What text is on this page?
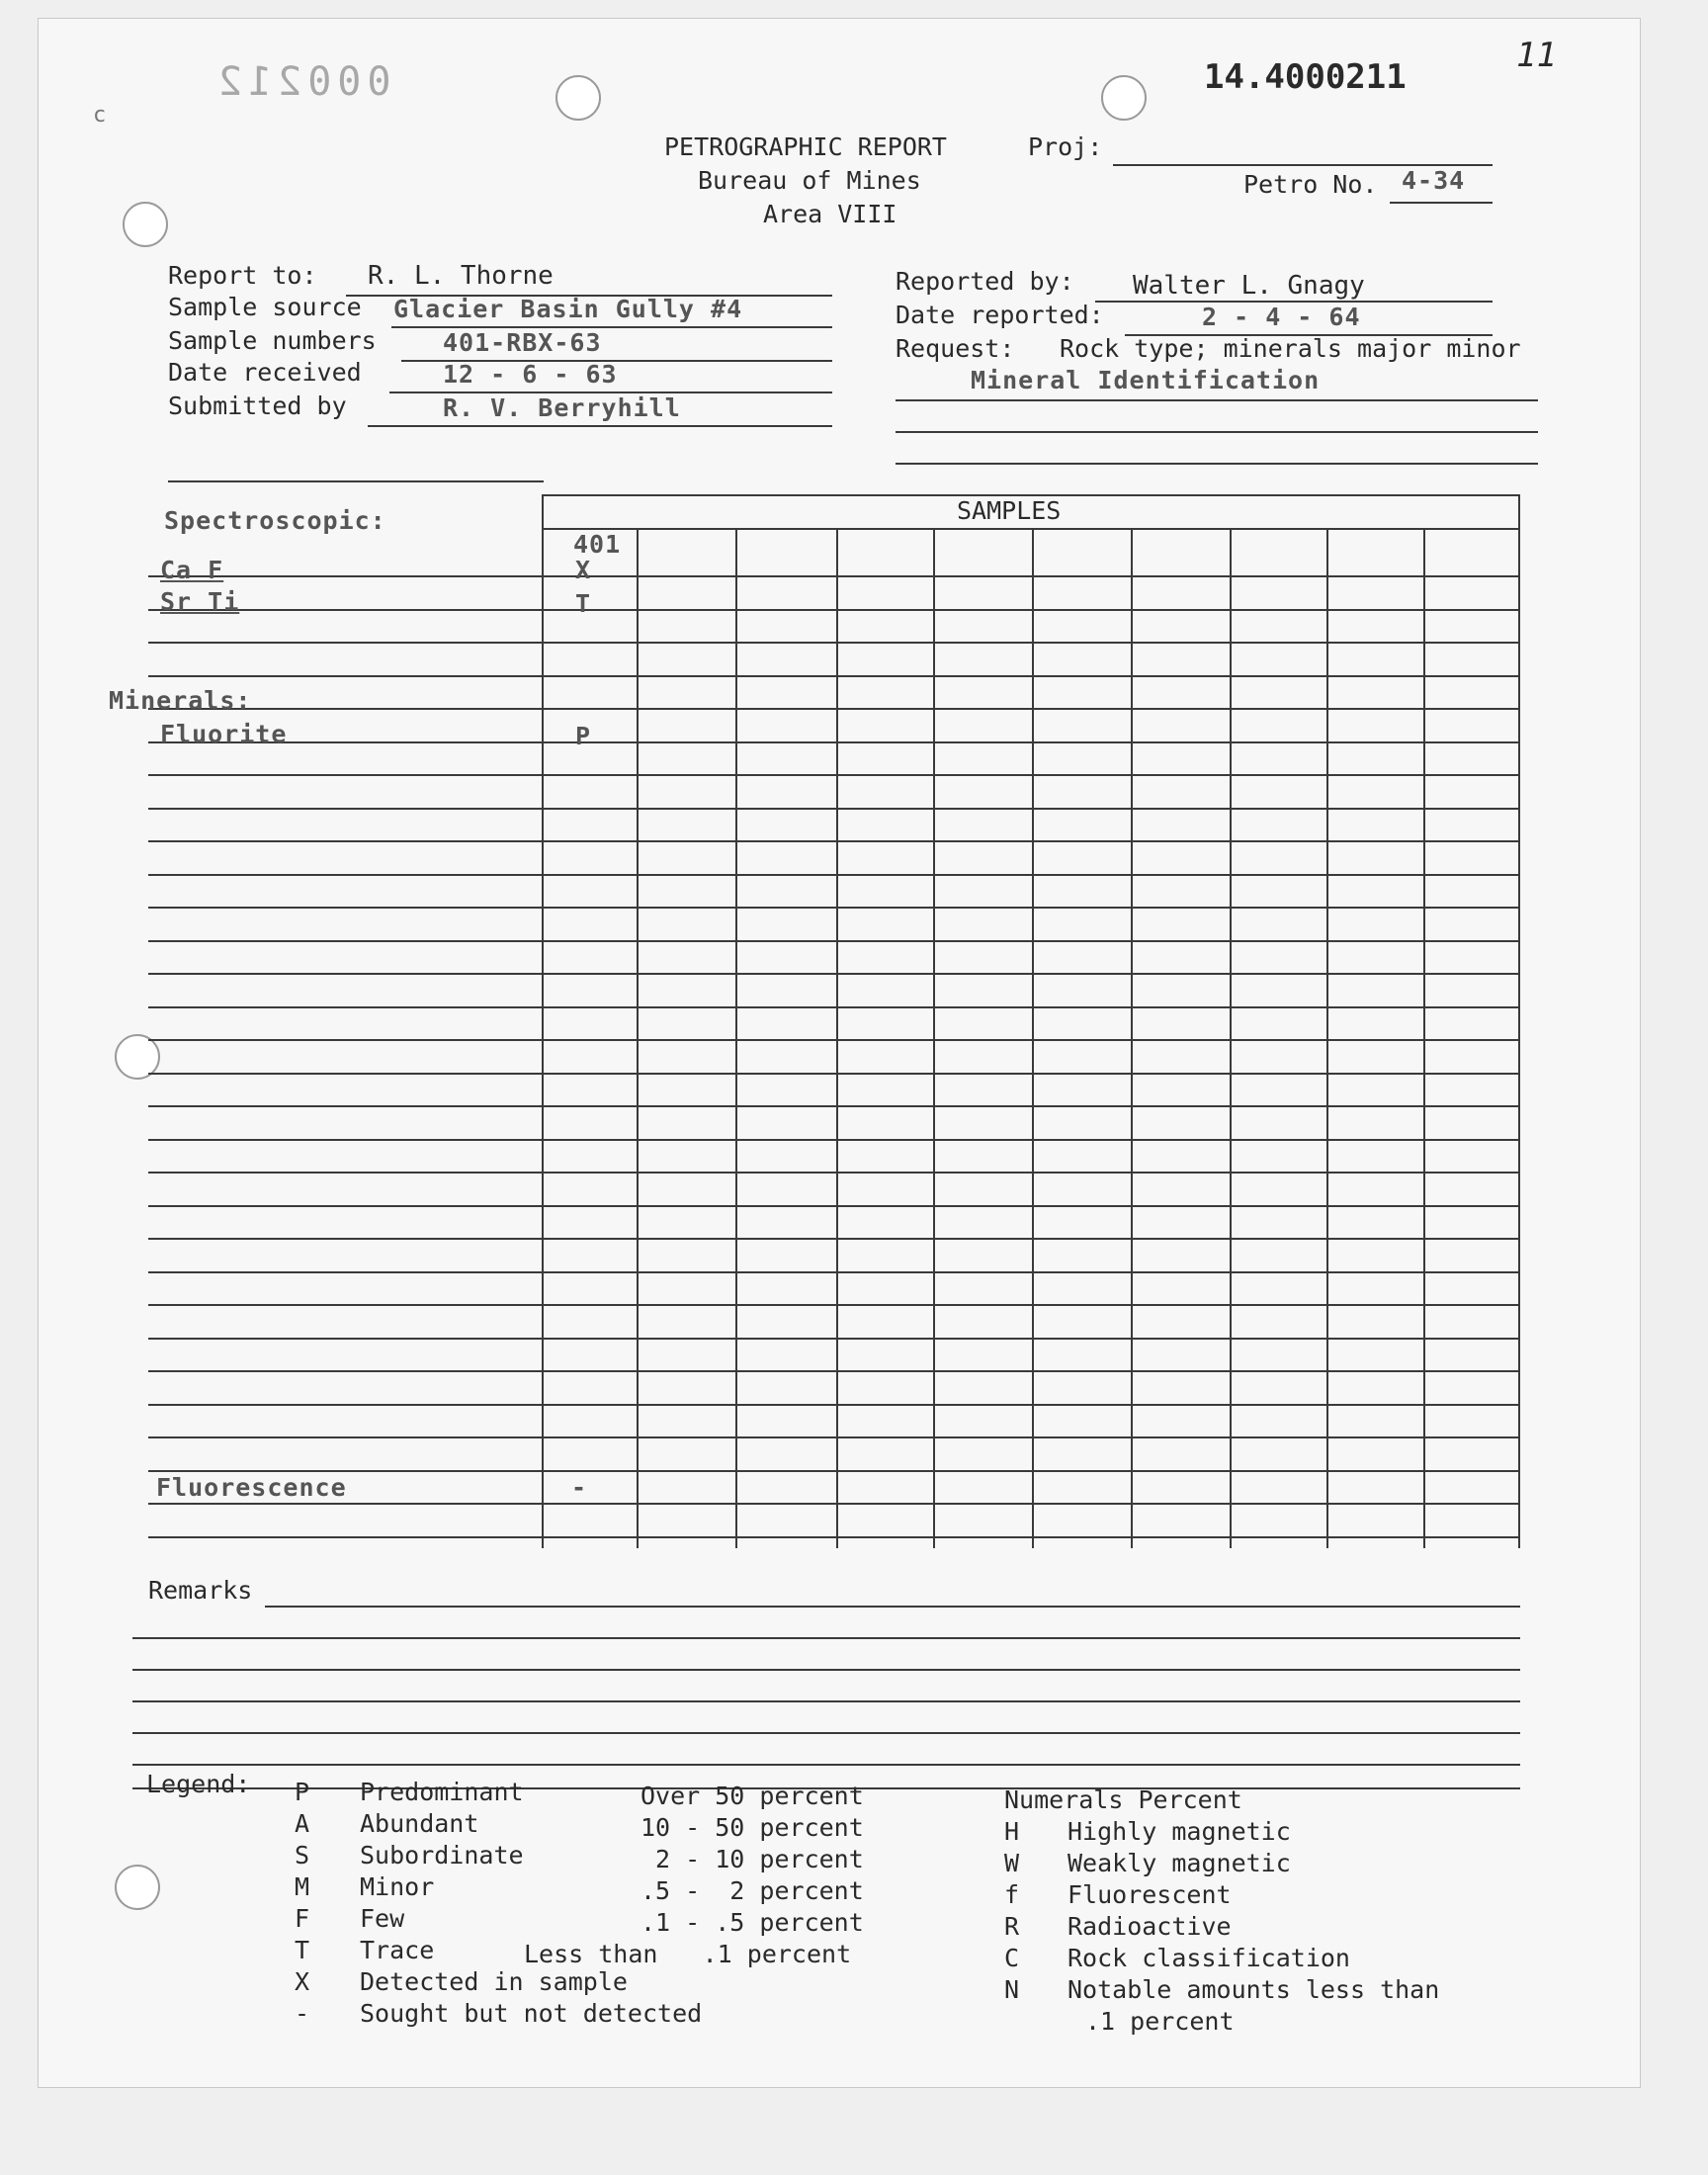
000212
c
14.4000211
11
PETROGRAPHIC REPORT
Bureau of Mines
Area VIII
Proj:
Petro No. 4-34
Report to: R. L. Thorne
Sample source Glacier Basin Gully #4
Sample numbers	401-RBX-63
Date received	12 - 6 - 63
Submitted by	R. V. Berryhill
Reported by: Walter L. Gnagy
Date reported:	2 - 4 - 64
Request: Rock type; minerals major minor
Mineral Identification
SAMPLES
401
Spectroscopic:
Ca F	X
Sr Ti	T
Minerals:
Fluorite	P
Fluorescence	-
Remarks
Legend: P Predominant	Over 50 percent
A Abundant	10 - 50 percent
S Subordinate	2 - 10 percent
M Minor	.5 -  2 percent
F Few	.1 - .5 percent
T Trace	Less than   .1 percent
X Detected in sample
- Sought but not detected
Numerals Percent
H Highly magnetic
W Weakly magnetic
f Fluorescent
R Radioactive
C Rock classification
N Notable amounts less than
.1 percent
